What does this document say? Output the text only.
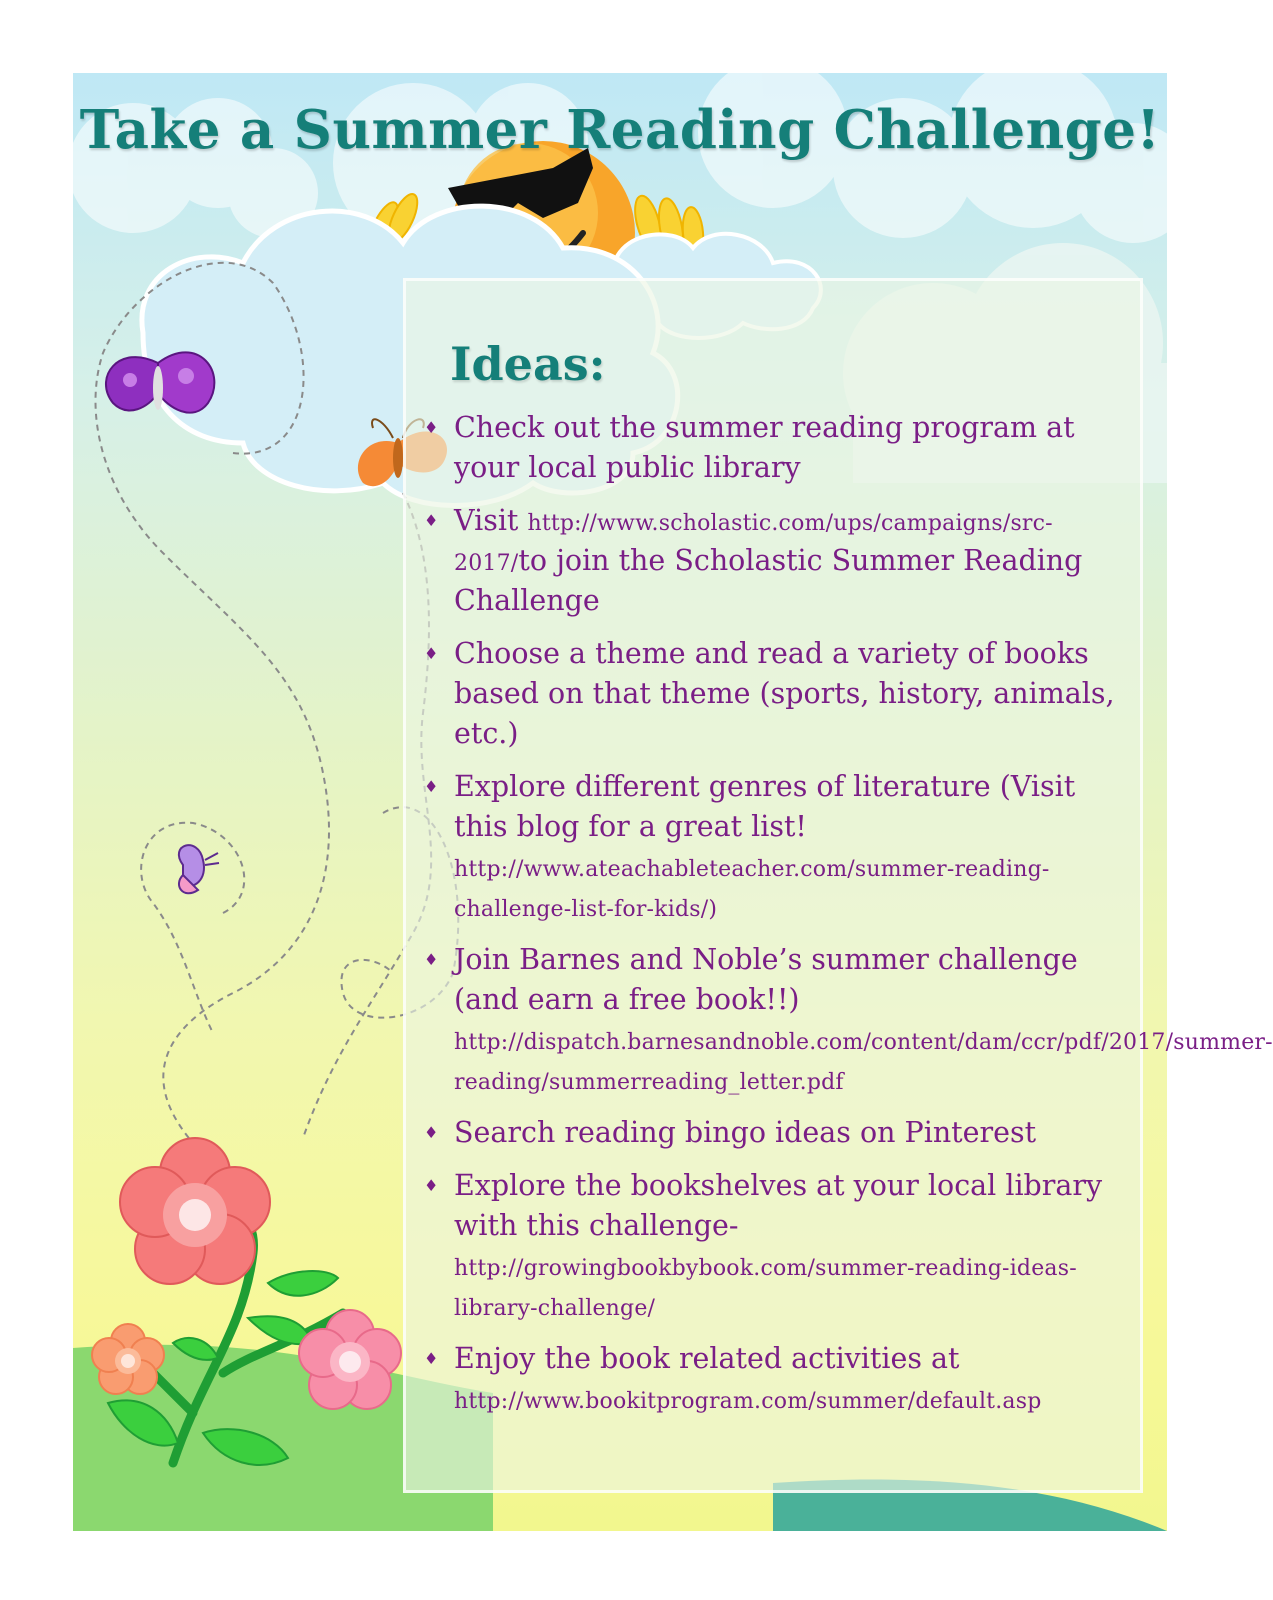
Take a Summer Reading Challenge!
Ideas:
♦ Check out the summer reading program at your local public library
♦ Visit http://www.scholastic.com/ups/campaigns/src-2017/to join the Scholastic Summer Reading Challenge
♦ Choose a theme and read a variety of books based on that theme (sports, history, animals, etc.)
♦ Explore different genres of literature (Visit this blog for a great list! http://www.ateachableteacher.com/summer-reading-challenge-list-for-kids/)
♦ Join Barnes and Noble’s summer challenge (and earn a free book!!) http://dispatch.barnesandnoble.com/content/dam/ccr/pdf/2017/summer-reading/summerreading_letter.pdf
♦ Search reading bingo ideas on Pinterest
♦ Explore the bookshelves at your local library with this challenge- http://growingbookbybook.com/summer-reading-ideas-library-challenge/
♦ Enjoy the book related activities at http://www.bookitprogram.com/summer/default.asp
